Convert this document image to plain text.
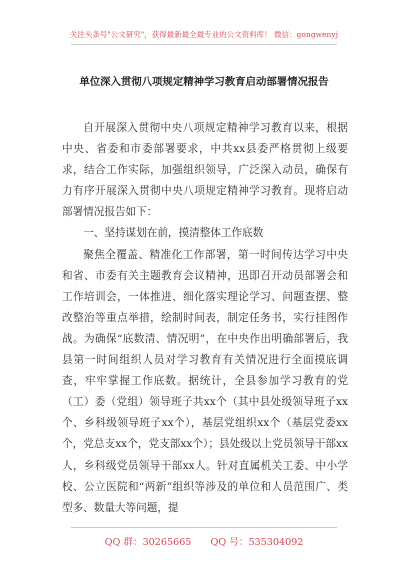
关注头条号"公文研究"，获得最新最全最专业的公文资料库！ 微信：gongwenyj
单位深入贯彻八项规定精神学习教育启动部署情况报告

自开展深入贯彻中央八项规定精神学习教育以来，根据中央、省委和市委部署要求，中共xx县委严格贯彻上级要求，结合工作实际，加强组织领导，广泛深入动员，确保有力有序开展深入贯彻中央八项规定精神学习教育。现将启动部署情况报告如下：

一、坚持谋划在前，摸清整体工作底数

聚焦全覆盖、精准化工作部署，第一时间传达学习中央和省、市委有关主题教育会议精神，迅即召开动员部署会和工作培训会，一体推进、细化落实理论学习、问题查摆、整改整治等重点举措，绘制时间表，制定任务书，实行挂图作战。为确保“底数清、情况明”，在中央作出明确部署后，我县第一时间组织人员对学习教育有关情况进行全面摸底调查，牢牢掌握工作底数。据统计，全县参加学习教育的党（工）委（党组）领导班子共xx个（其中县处级领导班子xx个、乡科级领导班子xx个），基层党组织xx个（基层党委xx个，党总支xx个，党支部xx个）；县处级以上党员领导干部xx人，乡科级党员领导干部xx人。针对直属机关工委、中小学校、公立医院和“两新”组织等涉及的单位和人员范围广、类型多、数量大等问题，提

QQ 群：30265665 QQ 号：535304092
